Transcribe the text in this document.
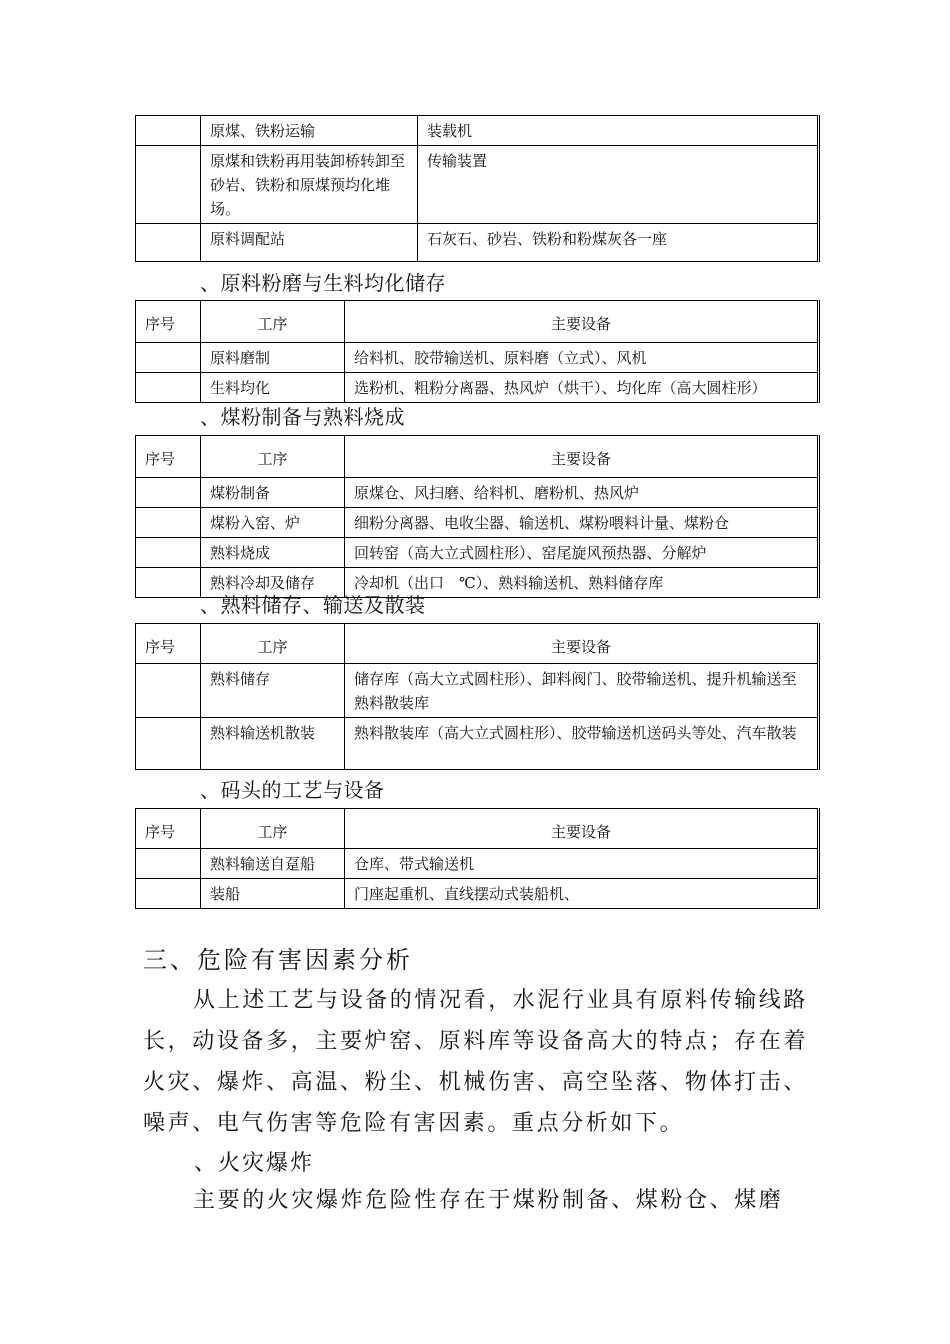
	原煤、铁粉运输	装载机
	原煤和铁粉再用装卸桥转卸至砂岩、铁粉和原煤预均化堆场。	传输装置
	原料调配站	石灰石、砂岩、铁粉和粉煤灰各一座
、原料粉磨与生料均化储存
序号	工序	主要设备
	原料磨制	给料机、胶带输送机、原料磨（立式）、风机
	生料均化	选粉机、粗粉分离器、热风炉（烘干）、均化库（高大圆柱形）
、煤粉制备与熟料烧成
序号	工序	主要设备
	煤粉制备	原煤仓、风扫磨、给料机、磨粉机、热风炉
	煤粉入窑、炉	细粉分离器、电收尘器、输送机、煤粉喂料计量、煤粉仓
	熟料烧成	回转窑（高大立式圆柱形）、窑尾旋风预热器、分解炉
	熟料冷却及储存	冷却机（出口　℃）、熟料输送机、熟料储存库
、熟料储存、输送及散装
序号	工序	主要设备
	熟料储存	储存库（高大立式圆柱形）、卸料阀门、胶带输送机、提升机输送至熟料散装库
	熟料输送机散装	熟料散装库（高大立式圆柱形）、胶带输送机送码头等处、汽车散装
、码头的工艺与设备
序号	工序	主要设备
	熟料输送自趸船	仓库、带式输送机
	装船	门座起重机、直线摆动式装船机、
三、危险有害因素分析
从上述工艺与设备的情况看，水泥行业具有原料传输线路长，动设备多，主要炉窑、原料库等设备高大的特点；存在着火灾、爆炸、高温、粉尘、机械伤害、高空坠落、物体打击、噪声、电气伤害等危险有害因素。重点分析如下。
、火灾爆炸
主要的火灾爆炸危险性存在于煤粉制备、煤粉仓、煤磨
